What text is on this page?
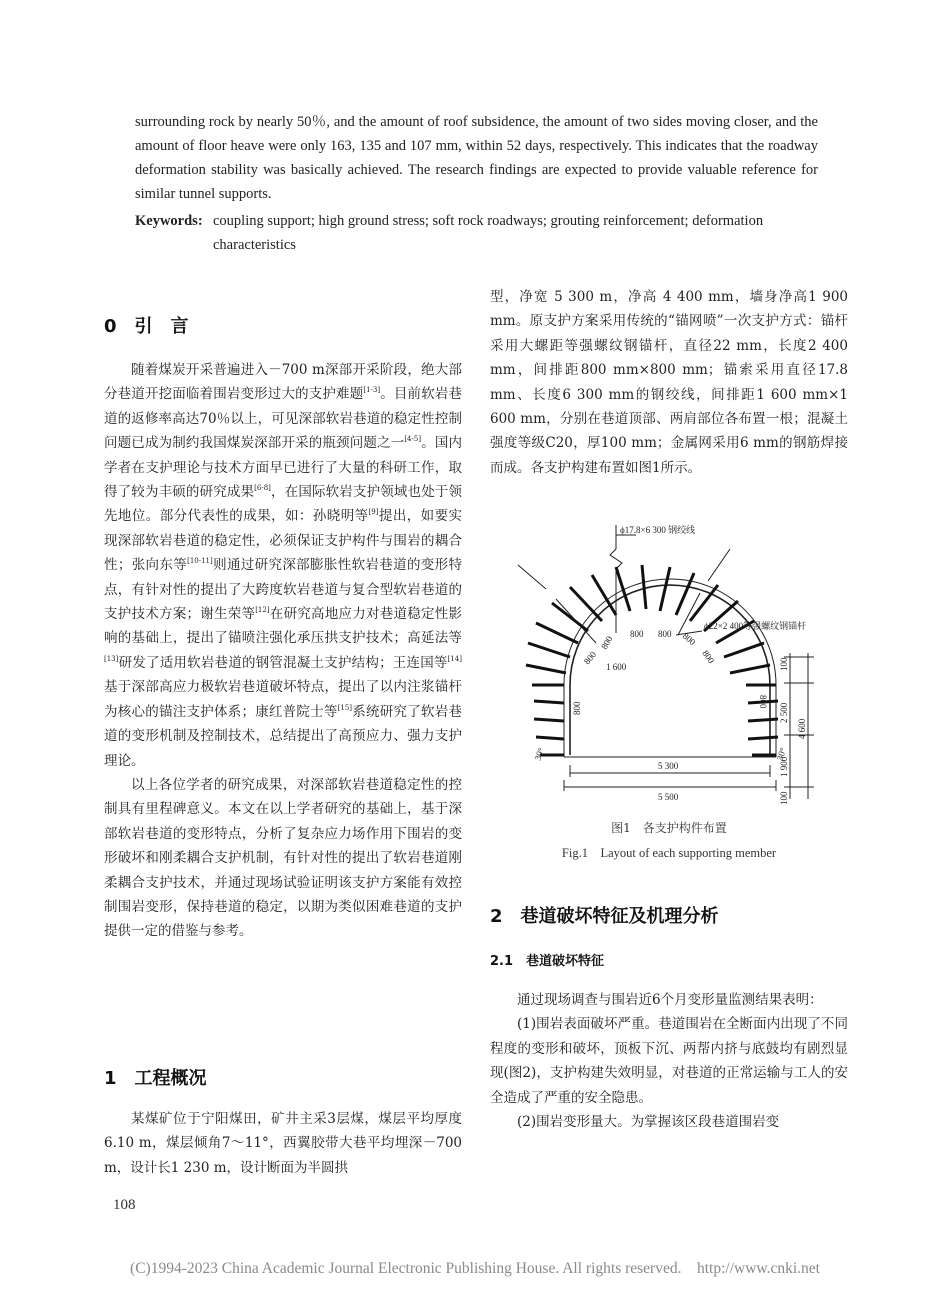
surrounding rock by nearly 50％, and the amount of roof subsidence, the amount of two sides moving closer, and the amount of floor heave were only 163, 135 and 107 mm, within 52 days, respectively. This indicates that the roadway deformation stability was basically achieved. The research findings are expected to provide valuable reference for similar tunnel supports.

Keywords: coupling support; high ground stress; soft rock roadways; grouting reinforcement; deformation characteristics
0　引　言

随着煤炭开采普遍进入－700 m深部开采阶段，绝大部分巷道开挖面临着围岩变形过大的支护难题[1-3]。目前软岩巷道的返修率高达70％以上，可见深部软岩巷道的稳定性控制问题已成为制约我国煤炭深部开采的瓶颈问题之一[4-5]。国内学者在支护理论与技术方面早已进行了大量的科研工作，取得了较为丰硕的研究成果[6-8]，在国际软岩支护领域也处于领先地位。部分代表性的成果，如：孙晓明等[9]提出，如要实现深部软岩巷道的稳定性，必须保证支护构件与围岩的耦合性；张向东等[10-11]则通过研究深部膨胀性软岩巷道的变形特点，有针对性的提出了大跨度软岩巷道与复合型软岩巷道的支护技术方案；谢生荣等[12]在研究高地应力对巷道稳定性影响的基础上，提出了锚喷注强化承压拱支护技术；高延法等[13]研发了适用软岩巷道的钢管混凝土支护结构；王连国等[14]基于深部高应力极软岩巷道破坏特点，提出了以内注浆锚杆为核心的锚注支护体系；康红普院士等[15]系统研究了软岩巷道的变形机制及控制技术，总结提出了高预应力、强力支护理论。

以上各位学者的研究成果，对深部软岩巷道稳定性的控制具有里程碑意义。本文在以上学者研究的基础上，基于深部软岩巷道的变形特点，分析了复杂应力场作用下围岩的变形破坏和刚柔耦合支护机制，有针对性的提出了软岩巷道刚柔耦合支护技术，并通过现场试验证明该支护方案能有效控制围岩变形，保持巷道的稳定，以期为类似困难巷道的支护提供一定的借鉴与参考。

1　工程概况

某煤矿位于宁阳煤田，矿井主采3层煤，煤层平均厚度6.10 m，煤层倾角7～11°，西翼胶带大巷平均埋深－700 m，设计长1 230 m，设计断面为半圆拱

型，净宽 5 300 m，净高 4 400 mm，墙身净高1 900 mm。原支护方案采用传统的“锚网喷”一次支护方式：锚杆采用大螺距等强螺纹钢锚杆，直径22 mm，长度2 400 mm，间排距800 mm×800 mm；锚索采用直径17.8 mm、长度6 300 mm的钢绞线，间排距1 600 mm×1 600 mm，分别在巷道顶部、两肩部位各布置一根；混凝土强度等级C20，厚100 mm；金属网采用6 mm的钢筋焊接而成。各支护构建布置如图1所示。

ϕ17.8×6 300 钢绞线
ϕ22×2 400等强螺纹钢锚杆
1 600
800
800
800 800 800
800
800	800
30°	30°
5 300
5 500
100
2 500
4 600
1 900
100
图1　各支护构件布置
Fig.1　Layout of each supporting member
2　巷道破坏特征及机理分析
2.1　巷道破坏特征

通过现场调查与围岩近6个月变形量监测结果表明：

(1)围岩表面破坏严重。巷道围岩在全断面内出现了不同程度的变形和破坏，顶板下沉、两帮内挤与底鼓均有剧烈显现(图2)，支护构建失效明显，对巷道的正常运输与工人的安全造成了严重的安全隐患。

(2)围岩变形量大。为掌握该区段巷道围岩变

108
(C)1994-2023 China Academic Journal Electronic Publishing House. All rights reserved.　http://www.cnki.net
